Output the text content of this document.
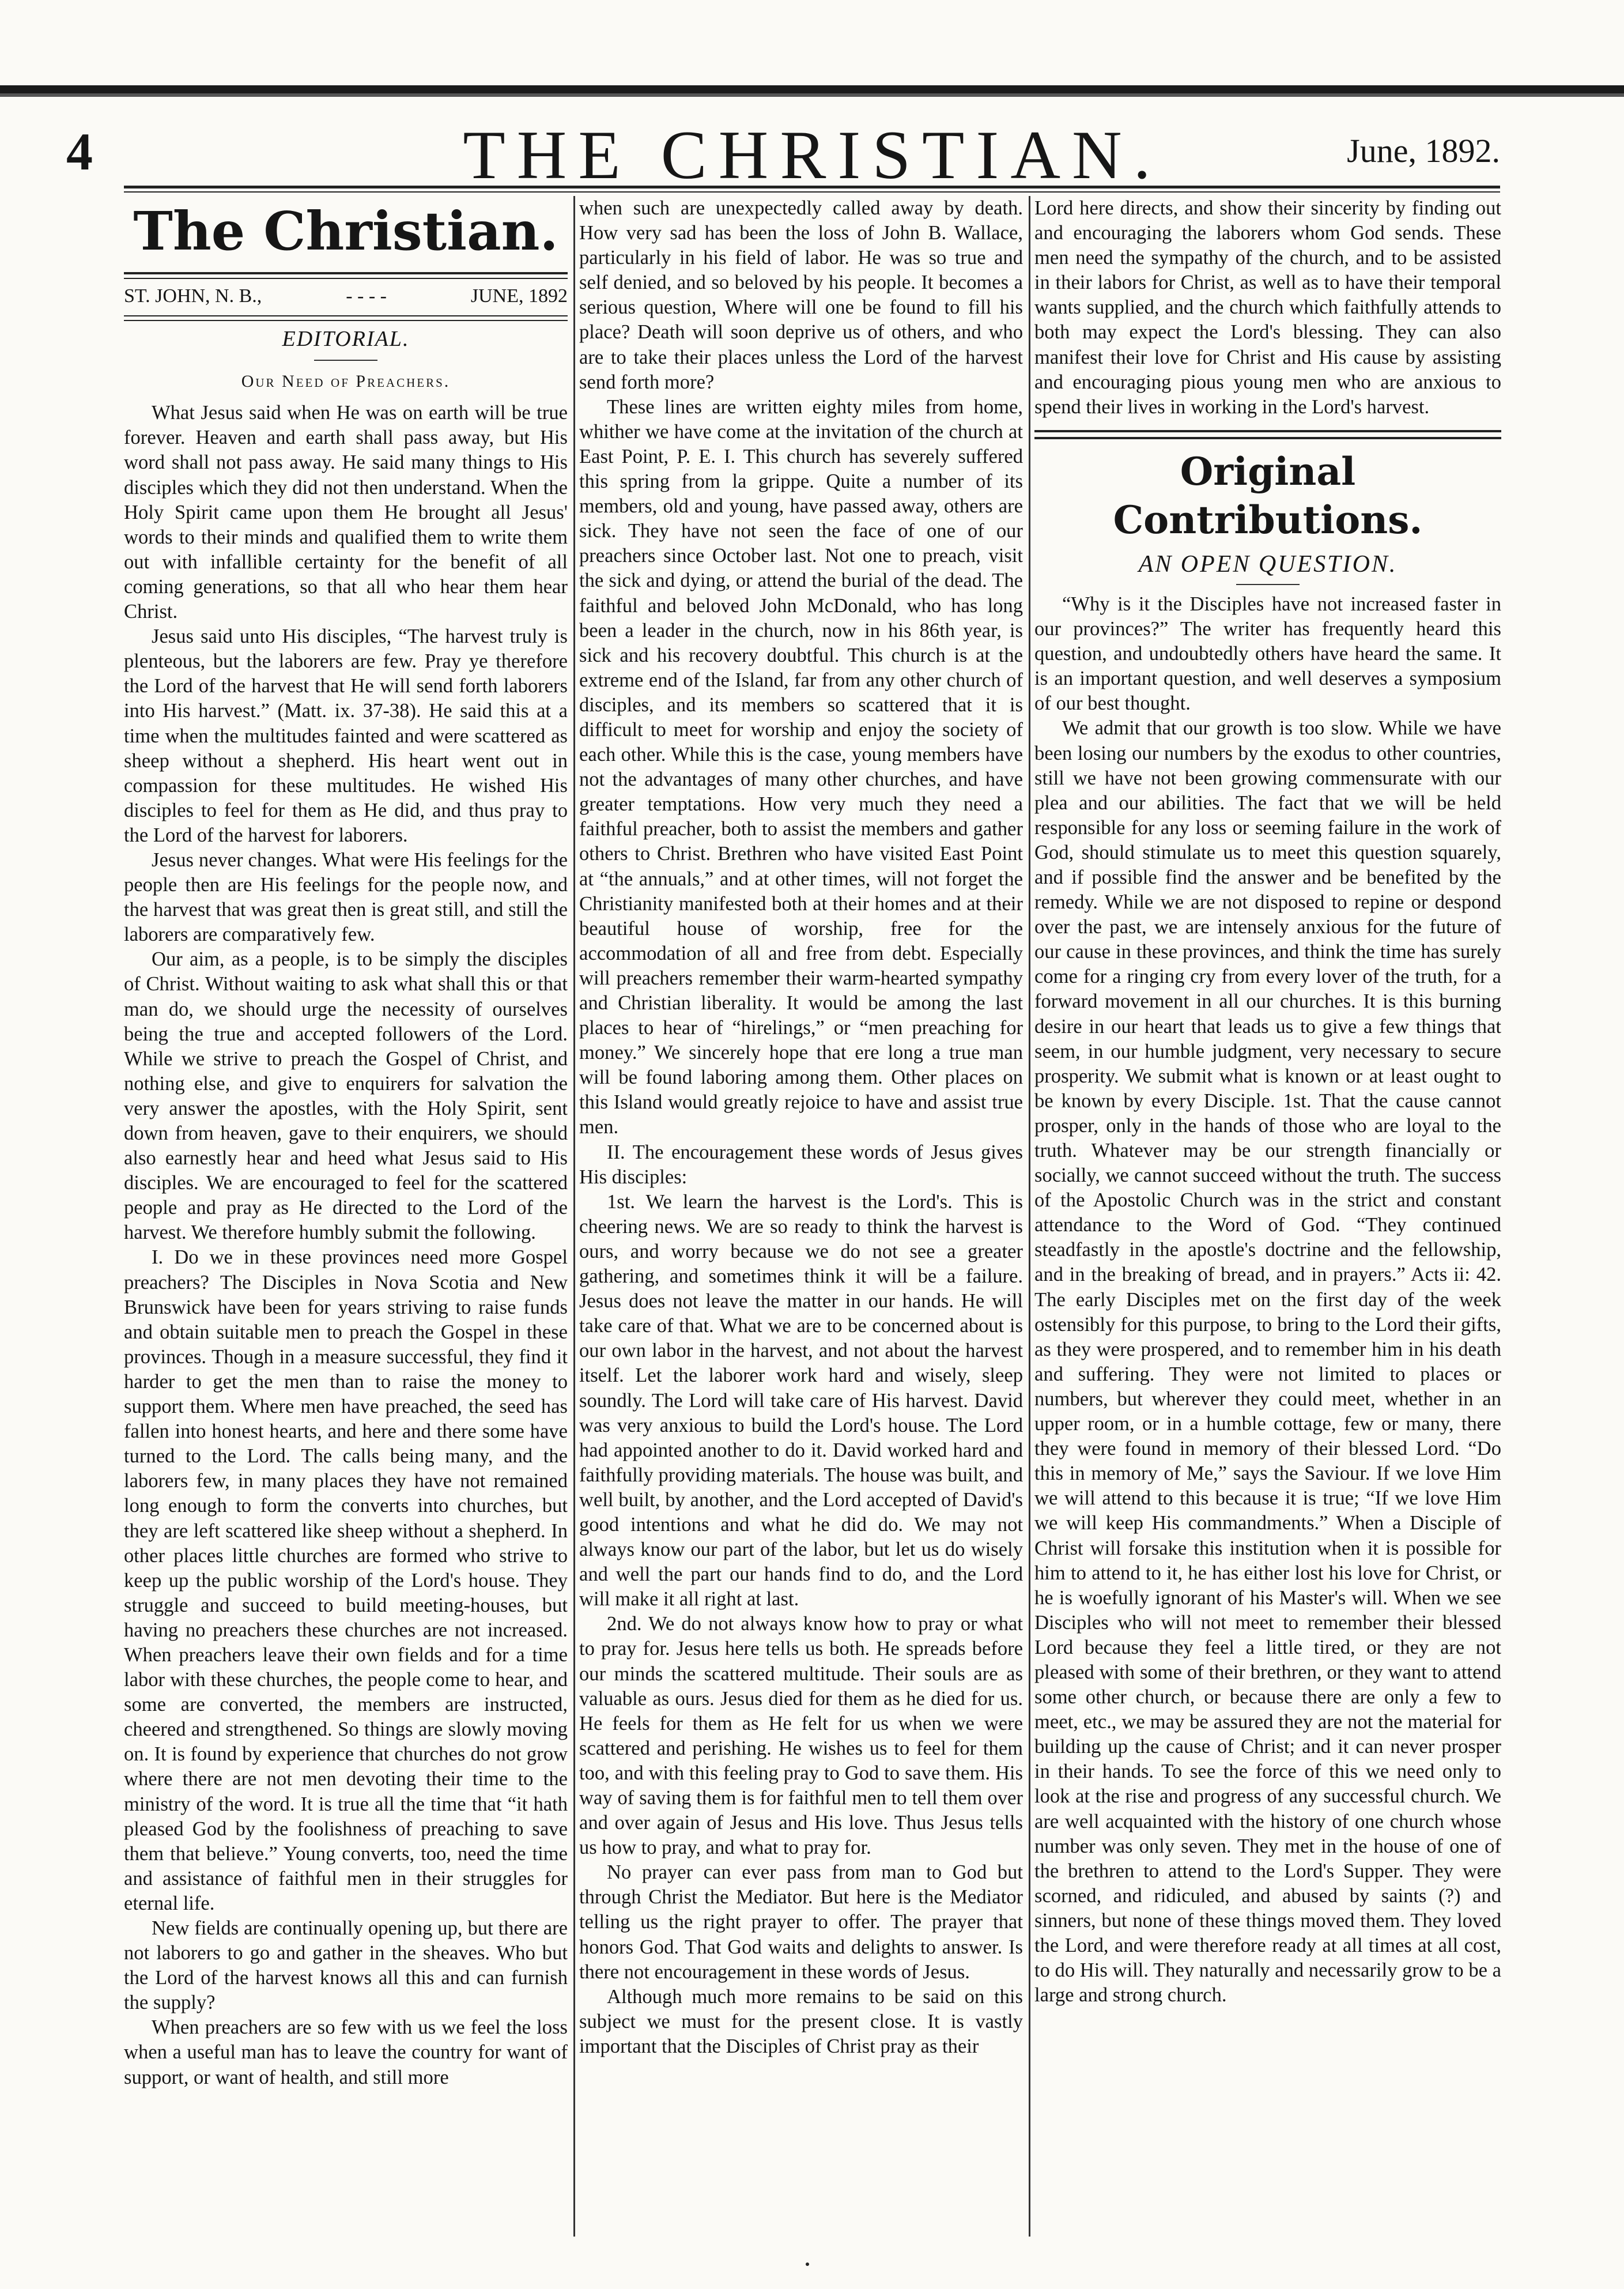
4	THE CHRISTIAN.	June, 1892.
The Christian.
ST. JOHN, N. B.,	- - - -	JUNE, 1892
EDITORIAL.
Our Need of Preachers.

What Jesus said when He was on earth will be true forever. Heaven and earth shall pass away, but His word shall not pass away. He said many things to His disciples which they did not then understand. When the Holy Spirit came upon them He brought all Jesus' words to their minds and qualified them to write them out with infallible certainty for the benefit of all coming generations, so that all who hear them hear Christ.

Jesus said unto His disciples, “The harvest truly is plenteous, but the laborers are few. Pray ye therefore the Lord of the harvest that He will send forth laborers into His harvest.” (Matt. ix. 37-38). He said this at a time when the multitudes fainted and were scattered as sheep without a shepherd. His heart went out in compassion for these multitudes. He wished His disciples to feel for them as He did, and thus pray to the Lord of the harvest for laborers.

Jesus never changes. What were His feelings for the people then are His feelings for the people now, and the harvest that was great then is great still, and still the laborers are comparatively few.

Our aim, as a people, is to be simply the disciples of Christ. Without waiting to ask what shall this or that man do, we should urge the necessity of ourselves being the true and accepted followers of the Lord. While we strive to preach the Gospel of Christ, and nothing else, and give to enquirers for salvation the very answer the apostles, with the Holy Spirit, sent down from heaven, gave to their enquirers, we should also earnestly hear and heed what Jesus said to His disciples. We are encouraged to feel for the scattered people and pray as He directed to the Lord of the harvest. We therefore humbly submit the following.

I. Do we in these provinces need more Gospel preachers? The Disciples in Nova Scotia and New Brunswick have been for years striving to raise funds and obtain suitable men to preach the Gospel in these provinces. Though in a measure successful, they find it harder to get the men than to raise the money to support them. Where men have preached, the seed has fallen into honest hearts, and here and there some have turned to the Lord. The calls being many, and the laborers few, in many places they have not remained long enough to form the converts into churches, but they are left scattered like sheep without a shepherd. In other places little churches are formed who strive to keep up the public worship of the Lord's house. They struggle and succeed to build meeting-houses, but having no preachers these churches are not increased. When preachers leave their own fields and for a time labor with these churches, the people come to hear, and some are converted, the members are instructed, cheered and strengthened. So things are slowly moving on. It is found by experience that churches do not grow where there are not men devoting their time to the ministry of the word. It is true all the time that “it hath pleased God by the foolishness of preaching to save them that believe.” Young converts, too, need the time and assistance of faithful men in their struggles for eternal life.

New fields are continually opening up, but there are not laborers to go and gather in the sheaves. Who but the Lord of the harvest knows all this and can furnish the supply?

When preachers are so few with us we feel the loss when a useful man has to leave the country for want of support, or want of health, and still more

when such are unexpectedly called away by death. How very sad has been the loss of John B. Wallace, particularly in his field of labor. He was so true and self denied, and so beloved by his people. It becomes a serious question, Where will one be found to fill his place? Death will soon deprive us of others, and who are to take their places unless the Lord of the harvest send forth more?

These lines are written eighty miles from home, whither we have come at the invitation of the church at East Point, P. E. I. This church has severely suffered this spring from la grippe. Quite a number of its members, old and young, have passed away, others are sick. They have not seen the face of one of our preachers since October last. Not one to preach, visit the sick and dying, or attend the burial of the dead. The faithful and beloved John McDonald, who has long been a leader in the church, now in his 86th year, is sick and his recovery doubtful. This church is at the extreme end of the Island, far from any other church of disciples, and its members so scattered that it is difficult to meet for worship and enjoy the society of each other. While this is the case, young members have not the advantages of many other churches, and have greater temptations. How very much they need a faithful preacher, both to assist the members and gather others to Christ. Brethren who have visited East Point at “the annuals,” and at other times, will not forget the Christianity manifested both at their homes and at their beautiful house of worship, free for the accommodation of all and free from debt. Especially will preachers remember their warm-hearted sympathy and Christian liberality. It would be among the last places to hear of “hirelings,” or “men preaching for money.” We sincerely hope that ere long a true man will be found laboring among them. Other places on this Island would greatly rejoice to have and assist true men.

II. The encouragement these words of Jesus gives His disciples:

1st. We learn the harvest is the Lord's. This is cheering news. We are so ready to think the harvest is ours, and worry because we do not see a greater gathering, and sometimes think it will be a failure. Jesus does not leave the matter in our hands. He will take care of that. What we are to be concerned about is our own labor in the harvest, and not about the harvest itself. Let the laborer work hard and wisely, sleep soundly. The Lord will take care of His harvest. David was very anxious to build the Lord's house. The Lord had appointed another to do it. David worked hard and faithfully providing materials. The house was built, and well built, by another, and the Lord accepted of David's good intentions and what he did do. We may not always know our part of the labor, but let us do wisely and well the part our hands find to do, and the Lord will make it all right at last.

2nd. We do not always know how to pray or what to pray for. Jesus here tells us both. He spreads before our minds the scattered multitude. Their souls are as valuable as ours. Jesus died for them as he died for us. He feels for them as He felt for us when we were scattered and perishing. He wishes us to feel for them too, and with this feeling pray to God to save them. His way of saving them is for faithful men to tell them over and over again of Jesus and His love. Thus Jesus tells us how to pray, and what to pray for.

No prayer can ever pass from man to God but through Christ the Mediator. But here is the Mediator telling us the right prayer to offer. The prayer that honors God. That God waits and delights to answer. Is there not encouragement in these words of Jesus.

Although much more remains to be said on this subject we must for the present close. It is vastly important that the Disciples of Christ pray as their

Lord here directs, and show their sincerity by finding out and encouraging the laborers whom God sends. These men need the sympathy of the church, and to be assisted in their labors for Christ, as well as to have their temporal wants supplied, and the church which faithfully attends to both may expect the Lord's blessing. They can also manifest their love for Christ and His cause by assisting and encouraging pious young men who are anxious to spend their lives in working in the Lord's harvest.

Original Contributions.
AN OPEN QUESTION.

“Why is it the Disciples have not increased faster in our provinces?” The writer has frequently heard this question, and undoubtedly others have heard the same. It is an important question, and well deserves a symposium of our best thought.

We admit that our growth is too slow. While we have been losing our numbers by the exodus to other countries, still we have not been growing commensurate with our plea and our abilities. The fact that we will be held responsible for any loss or seeming failure in the work of God, should stimulate us to meet this question squarely, and if possible find the answer and be benefited by the remedy. While we are not disposed to repine or despond over the past, we are intensely anxious for the future of our cause in these provinces, and think the time has surely come for a ringing cry from every lover of the truth, for a forward movement in all our churches. It is this burning desire in our heart that leads us to give a few things that seem, in our humble judgment, very necessary to secure prosperity. We submit what is known or at least ought to be known by every Disciple. 1st. That the cause cannot prosper, only in the hands of those who are loyal to the truth. Whatever may be our strength financially or socially, we cannot succeed without the truth. The success of the Apostolic Church was in the strict and constant attendance to the Word of God. “They continued steadfastly in the apostle's doctrine and the fellowship, and in the breaking of bread, and in prayers.” Acts ii: 42. The early Disciples met on the first day of the week ostensibly for this purpose, to bring to the Lord their gifts, as they were prospered, and to remember him in his death and suffering. They were not limited to places or numbers, but wherever they could meet, whether in an upper room, or in a humble cottage, few or many, there they were found in memory of their blessed Lord. “Do this in memory of Me,” says the Saviour. If we love Him we will attend to this because it is true; “If we love Him we will keep His commandments.” When a Disciple of Christ will forsake this institution when it is possible for him to attend to it, he has either lost his love for Christ, or he is woefully ignorant of his Master's will. When we see Disciples who will not meet to remember their blessed Lord because they feel a little tired, or they are not pleased with some of their brethren, or they want to attend some other church, or because there are only a few to meet, etc., we may be assured they are not the material for building up the cause of Christ; and it can never prosper in their hands. To see the force of this we need only to look at the rise and progress of any successful church. We are well acquainted with the history of one church whose number was only seven. They met in the house of one of the brethren to attend to the Lord's Supper. They were scorned, and ridiculed, and abused by saints (?) and sinners, but none of these things moved them. They loved the Lord, and were therefore ready at all times at all cost, to do His will. They naturally and necessarily grow to be a large and strong church.
